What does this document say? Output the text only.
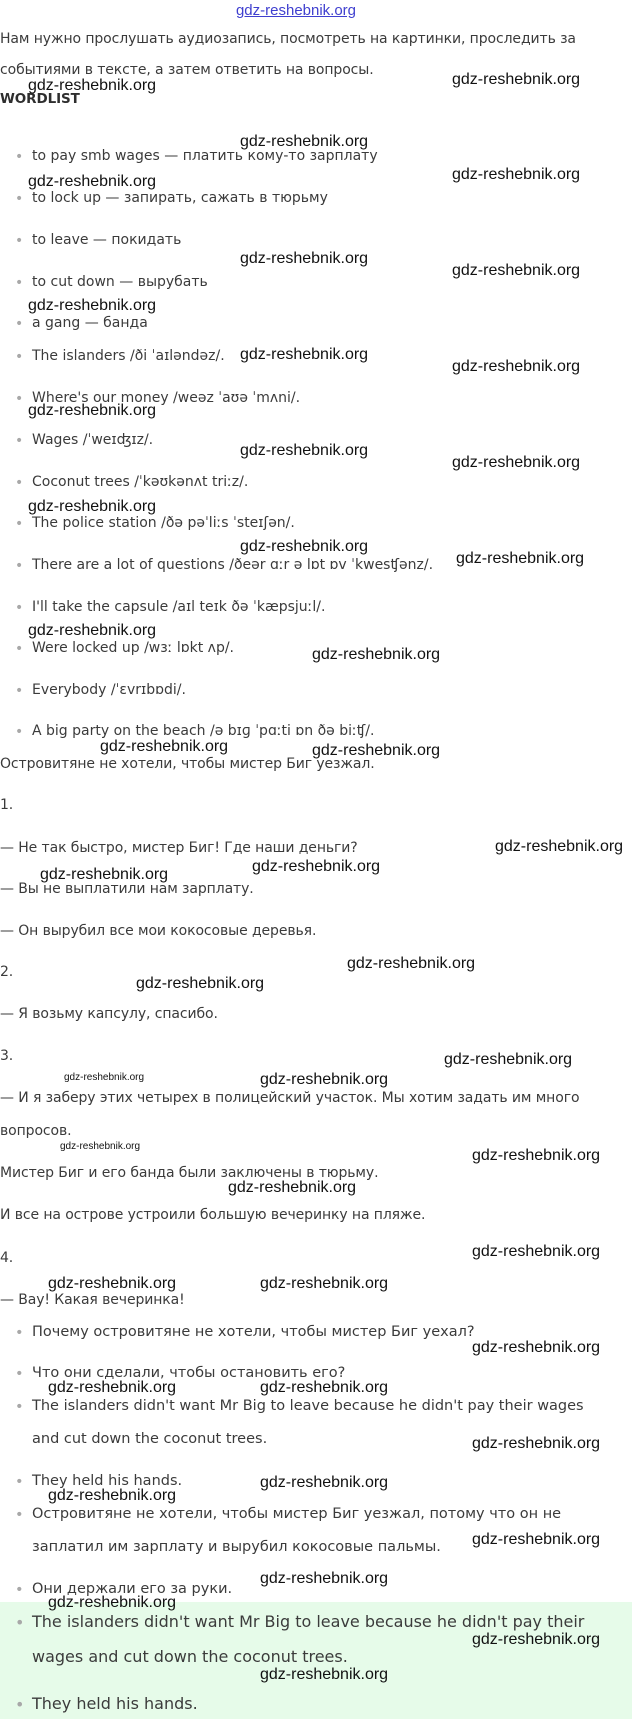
gdz-reshebnik.org
Нам нужно прослушать аудиозапись, посмотреть на картинки, проследить за
событиями в тексте, а затем ответить на вопросы.
WORDLIST
• to pay smb wages — платить кому-то зарплату
• to lock up — запирать, сажать в тюрьму
• to leave — покидать
• to cut down — вырубать
• a gang — банда
• The islanders /ði ˈaɪləndəz/.
• Where's our money /weəz ˈaʊə ˈmʌni/.
• Wages /ˈweɪʤɪz/.
• Coconut trees /ˈkəʊkənʌt triːz/.
• The police station /ðə pəˈliːs ˈsteɪʃən/.
• There are a lot of questions /ðeər ɑːr ə lɒt ɒv ˈkwesʧənz/.
• I'll take the capsule /aɪl teɪk ðə ˈkæpsjuːl/.
• Were locked up /wɜː lɒkt ʌp/.
• Everybody /ˈɛvrɪbɒdi/.
• A big party on the beach /ə bɪɡ ˈpɑːti ɒn ðə biːʧ/.
Островитяне не хотели, чтобы мистер Биг уезжал.
1.
— Не так быстро, мистер Биг! Где наши деньги?
— Вы не выплатили нам зарплату.
— Он вырубил все мои кокосовые деревья.
2.
— Я возьму капсулу, спасибо.
3.
— И я заберу этих четырех в полицейский участок. Мы хотим задать им много
вопросов.
Мистер Биг и его банда были заключены в тюрьму.
И все на острове устроили большую вечеринку на пляже.
4.
— Вау! Какая вечеринка!
• Почему островитяне не хотели, чтобы мистер Биг уехал?
• Что они сделали, чтобы остановить его?
• The islanders didn't want Mr Big to leave because he didn't pay their wages
and cut down the coconut trees.
• They held his hands.
• Островитяне не хотели, чтобы мистер Биг уезжал, потому что он не
заплатил им зарплату и вырубил кокосовые пальмы.
• Они держали его за руки.
• The islanders didn't want Mr Big to leave because he didn't pay their
wages and cut down the coconut trees.
• They held his hands.
gdz-reshebnik.org	gdz-reshebnik.org
gdz-reshebnik.org
gdz-reshebnik.org	gdz-reshebnik.org
gdz-reshebnik.org
gdz-reshebnik.org
gdz-reshebnik.org
gdz-reshebnik.org
gdz-reshebnik.org
gdz-reshebnik.org
gdz-reshebnik.org
gdz-reshebnik.org
gdz-reshebnik.org
gdz-reshebnik.org
gdz-reshebnik.org
gdz-reshebnik.org
gdz-reshebnik.org
gdz-reshebnik.org	gdz-reshebnik.org
gdz-reshebnik.org
gdz-reshebnik.org
gdz-reshebnik.org
gdz-reshebnik.org
gdz-reshebnik.org
gdz-reshebnik.org
gdz-reshebnik.org	gdz-reshebnik.org
gdz-reshebnik.org
gdz-reshebnik.org
gdz-reshebnik.org
gdz-reshebnik.org
gdz-reshebnik.org	gdz-reshebnik.org
gdz-reshebnik.org
gdz-reshebnik.org	gdz-reshebnik.org
gdz-reshebnik.org
gdz-reshebnik.org
gdz-reshebnik.org
gdz-reshebnik.org
gdz-reshebnik.org
gdz-reshebnik.org
gdz-reshebnik.org
gdz-reshebnik.org
